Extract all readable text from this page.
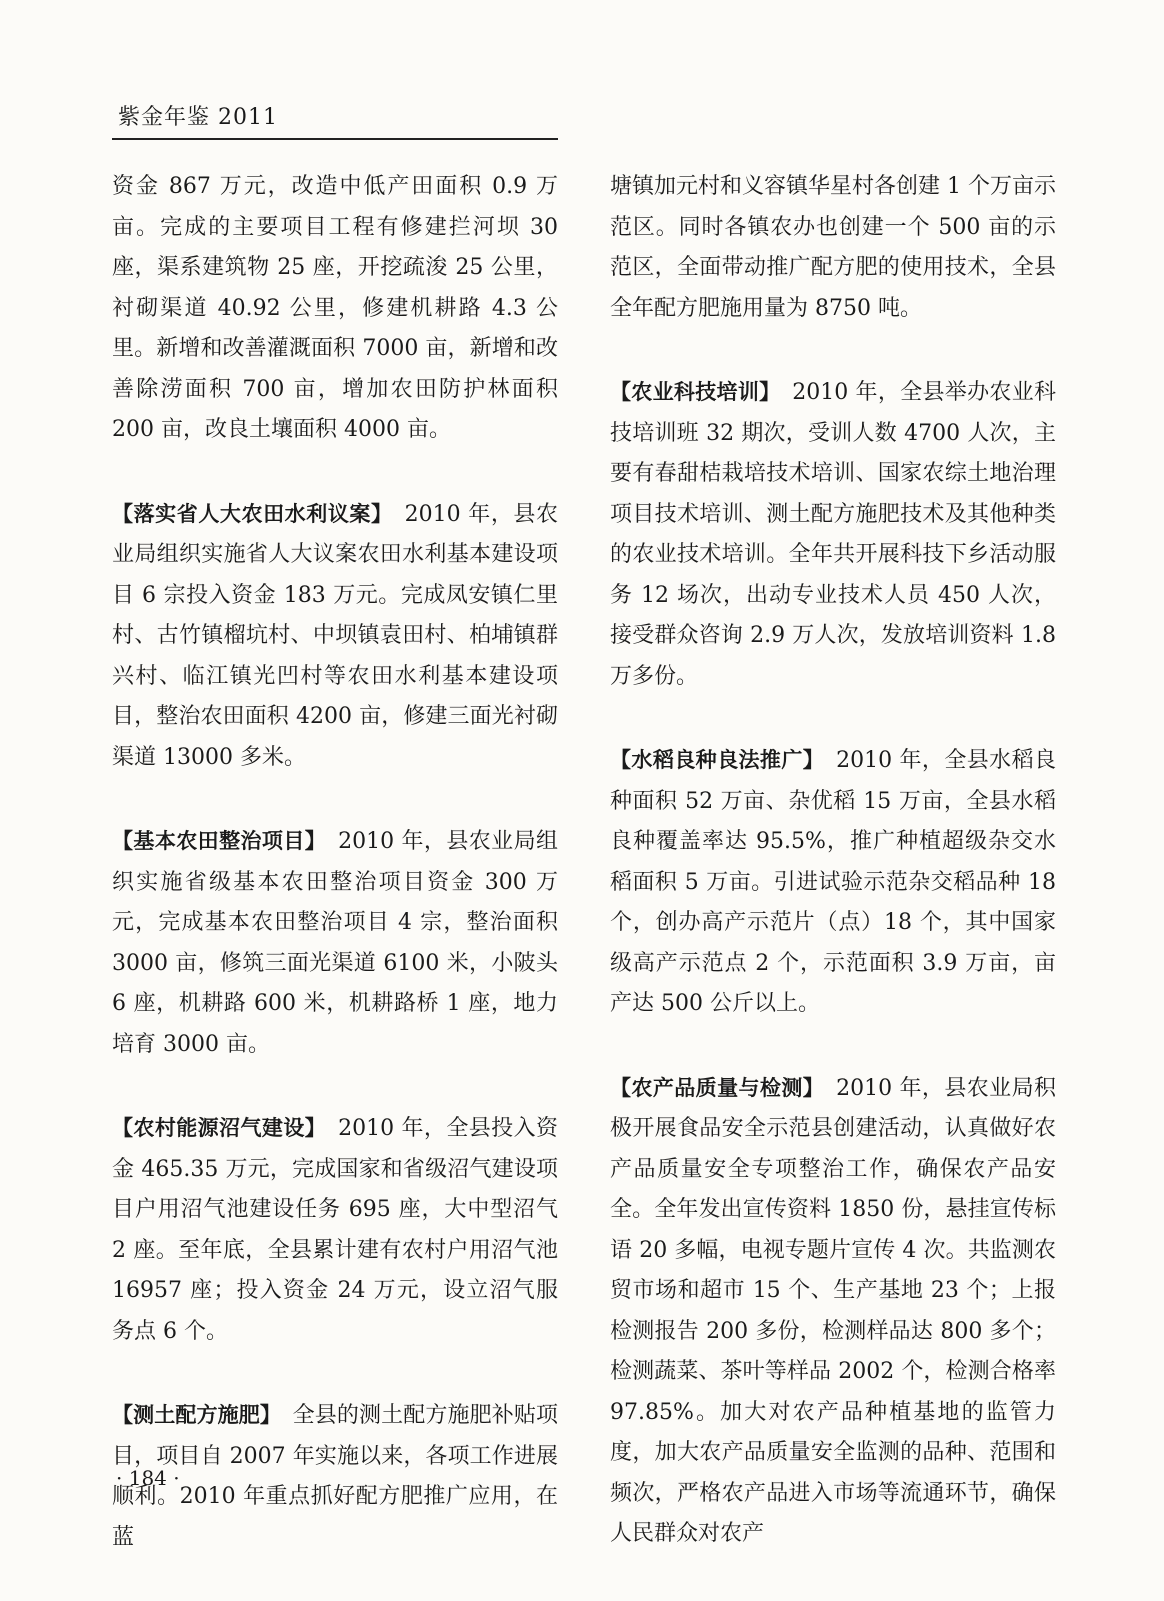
紫金年鉴 2011

资金 867 万元，改造中低产田面积 0.9 万亩。完成的主要项目工程有修建拦河坝 30 座，渠系建筑物 25 座，开挖疏浚 25 公里，衬砌渠道 40.92 公里，修建机耕路 4.3 公里。新增和改善灌溉面积 7000 亩，新增和改善除涝面积 700 亩，增加农田防护林面积 200 亩，改良土壤面积 4000 亩。

【落实省人大农田水利议案】　2010 年，县农业局组织实施省人大议案农田水利基本建设项目 6 宗投入资金 183 万元。完成凤安镇仁里村、古竹镇榴坑村、中坝镇袁田村、柏埔镇群兴村、临江镇光凹村等农田水利基本建设项目，整治农田面积 4200 亩，修建三面光衬砌渠道 13000 多米。

【基本农田整治项目】　2010 年，县农业局组织实施省级基本农田整治项目资金 300 万元，完成基本农田整治项目 4 宗，整治面积 3000 亩，修筑三面光渠道 6100 米，小陂头 6 座，机耕路 600 米，机耕路桥 1 座，地力培育 3000 亩。

【农村能源沼气建设】　2010 年，全县投入资金 465.35 万元，完成国家和省级沼气建设项目户用沼气池建设任务 695 座，大中型沼气 2 座。至年底，全县累计建有农村户用沼气池 16957 座；投入资金 24 万元，设立沼气服务点 6 个。

【测土配方施肥】　全县的测土配方施肥补贴项目，项目自 2007 年实施以来，各项工作进展顺利。2010 年重点抓好配方肥推广应用，在蓝

塘镇加元村和义容镇华星村各创建 1 个万亩示范区。同时各镇农办也创建一个 500 亩的示范区，全面带动推广配方肥的使用技术，全县全年配方肥施用量为 8750 吨。

【农业科技培训】　2010 年，全县举办农业科技培训班 32 期次，受训人数 4700 人次，主要有春甜桔栽培技术培训、国家农综土地治理项目技术培训、测土配方施肥技术及其他种类的农业技术培训。全年共开展科技下乡活动服务 12 场次，出动专业技术人员 450 人次，接受群众咨询 2.9 万人次，发放培训资料 1.8 万多份。

【水稻良种良法推广】　2010 年，全县水稻良种面积 52 万亩、杂优稻 15 万亩，全县水稻良种覆盖率达 95.5%，推广种植超级杂交水稻面积 5 万亩。引进试验示范杂交稻品种 18 个，创办高产示范片（点）18 个，其中国家级高产示范点 2 个，示范面积 3.9 万亩，亩产达 500 公斤以上。

【农产品质量与检测】　2010 年，县农业局积极开展食品安全示范县创建活动，认真做好农产品质量安全专项整治工作，确保农产品安全。全年发出宣传资料 1850 份，悬挂宣传标语 20 多幅，电视专题片宣传 4 次。共监测农贸市场和超市 15 个、生产基地 23 个；上报检测报告 200 多份，检测样品达 800 多个；检测蔬菜、茶叶等样品 2002 个，检测合格率 97.85%。加大对农产品种植基地的监管力度，加大农产品质量安全监测的品种、范围和频次，严格农产品进入市场等流通环节，确保人民群众对农产

· 184 ·
